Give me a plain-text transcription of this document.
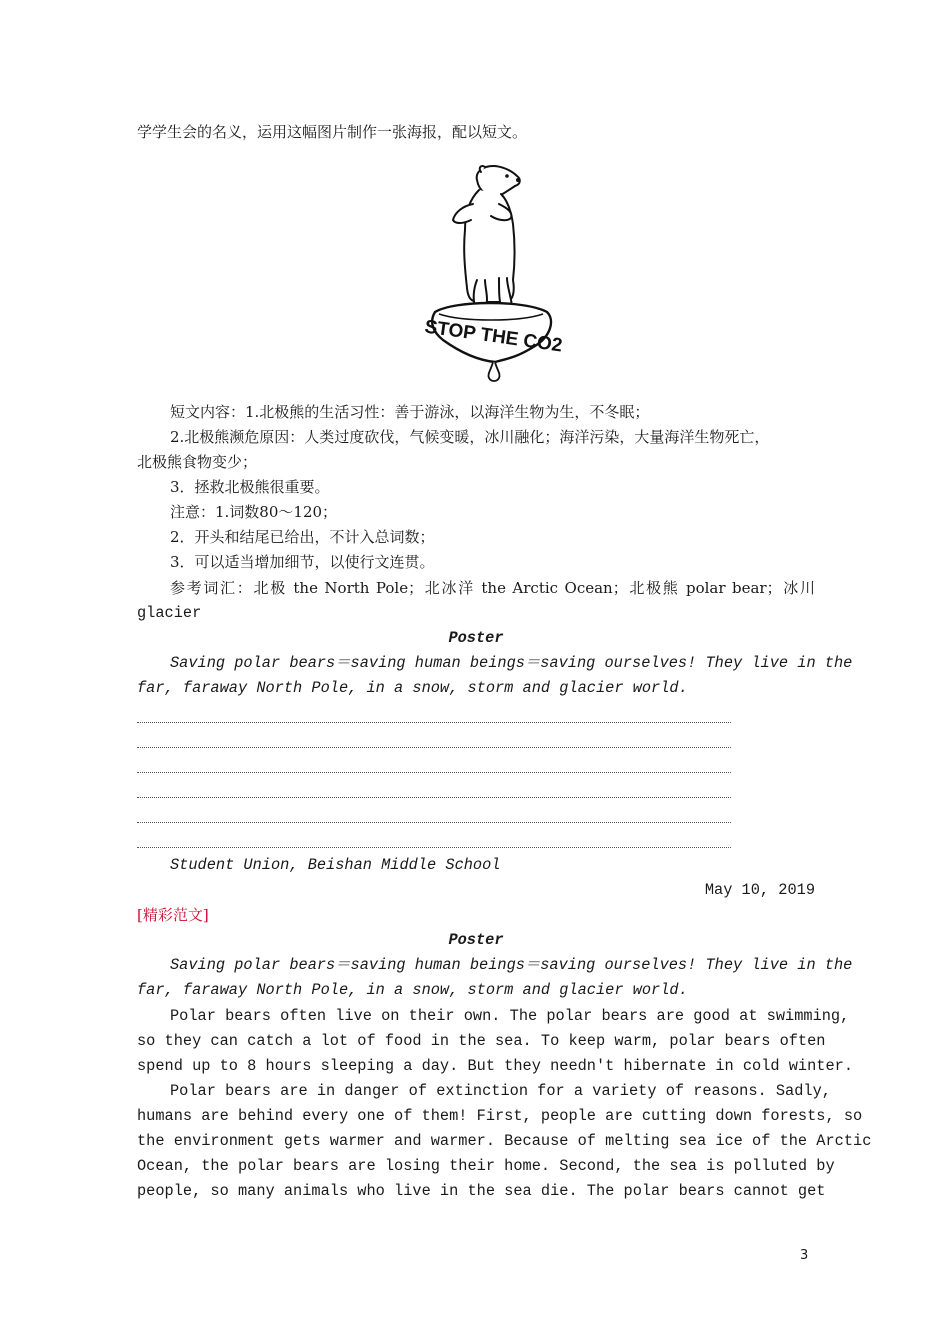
学学生会的名义，运用这幅图片制作一张海报，配以短文。
短文内容：1.北极熊的生活习性：善于游泳，以海洋生物为生，不冬眠；
2.北极熊濒危原因：人类过度砍伐，气候变暖，冰川融化；海洋污染，大量海洋生物死亡，
北极熊食物变少；
3．拯救北极熊很重要。
注意：1.词数80～120；
2．开头和结尾已给出，不计入总词数；
3．可以适当增加细节，以使行文连贯。
参考词汇：北极 the North Pole；北冰洋 the Arctic Ocean；北极熊 polar bear；冰川
glacier
Poster
Saving polar bears＝saving human beings＝saving ourselves! They live in the
far, faraway North Pole, in a snow, storm and glacier world.
Student Union, Beishan Middle School
May 10, 2019
[精彩范文]
Poster
Saving polar bears＝saving human beings＝saving ourselves! They live in the
far, faraway North Pole, in a snow, storm and glacier world.
Polar bears often live on their own. The polar bears are good at swimming,
so they can catch a lot of food in the sea. To keep warm, polar bears often
spend up to 8 hours sleeping a day. But they needn't hibernate in cold winter.
Polar bears are in danger of extinction for a variety of reasons. Sadly,
humans are behind every one of them! First, people are cutting down forests, so
the environment gets warmer and warmer. Because of melting sea ice of the Arctic
Ocean, the polar bears are losing their home. Second, the sea is polluted by
people, so many animals who live in the sea die. The polar bears cannot get
STOP THE CO2
3
